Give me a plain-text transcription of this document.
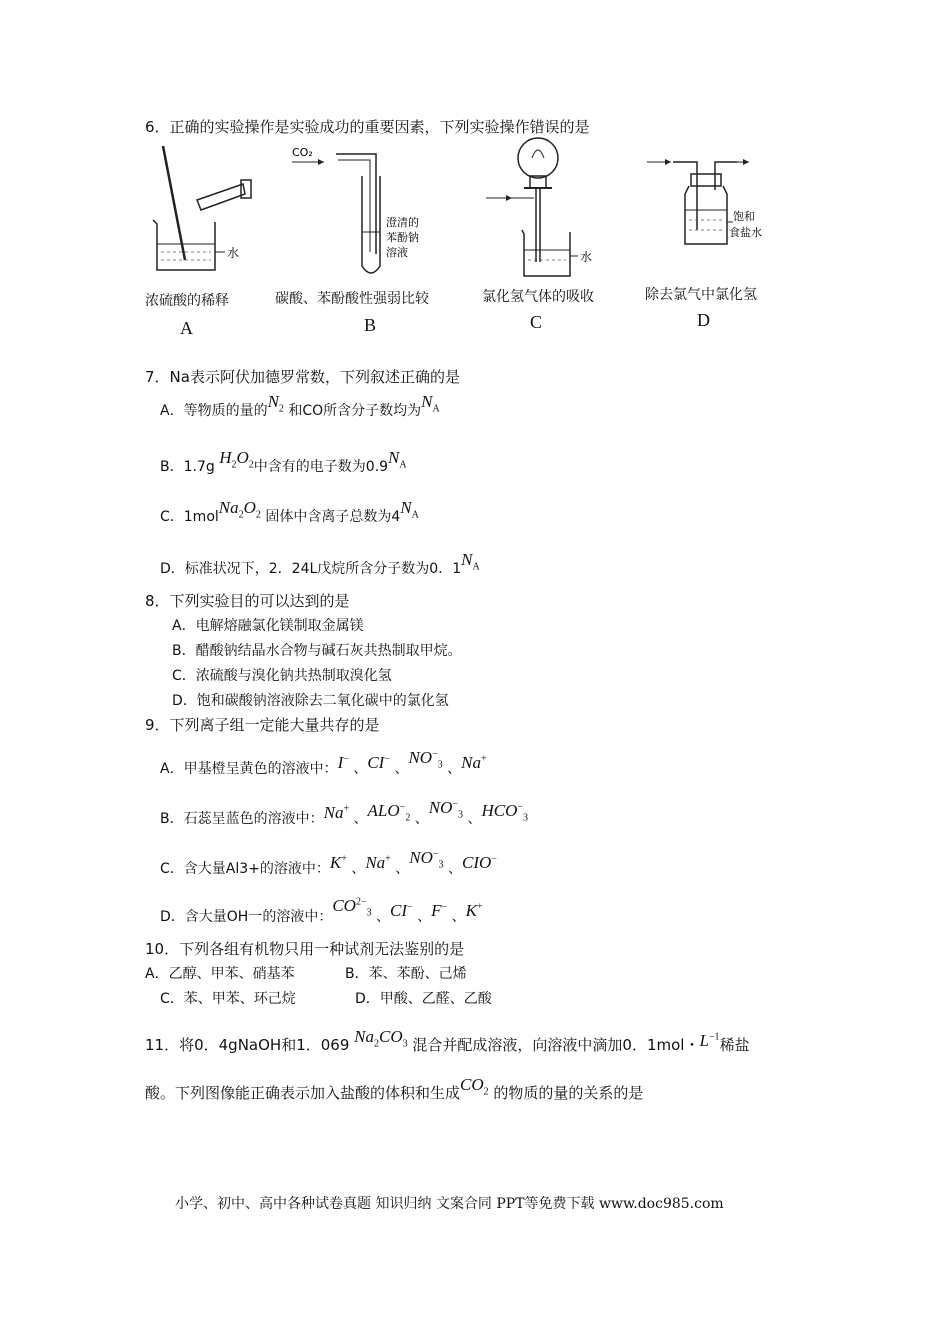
6．正确的实验操作是实验成功的重要因素，下列实验操作错误的是
水
浓硫酸的稀释
A
CO₂
澄清的
苯酚钠
溶液
碳酸、苯酚酸性强弱比较
B
水
氯化氢气体的吸收
C
饱和
食盐水
除去氯气中氯化氢
D
7．Na表示阿伏加德罗常数，下列叙述正确的是
A．等物质的量的$N_2$ 和CO所含分子数均为$N_A$
B．1.7g $H_2O_2$中含有的电子数为$0.9N_A$
C．$1molNa_2O_2$ 固体中含离子总数为$4N_A$
D．标准状况下，2．24L戊烷所含分子数为0．$1N_A$
8．下列实验目的可以达到的是
A．电解熔融氯化镁制取金属镁
B．醋酸钠结晶水合物与碱石灰共热制取甲烷。
C．浓硫酸与溴化钠共热制取溴化氢
D．饱和碳酸钠溶液除去二氧化碳中的氯化氢
9．下列离子组一定能大量共存的是
A．甲基橙呈黄色的溶液中：I− 、CI− 、$NO^-_3$ 、Na+
B．石蕊呈蓝色的溶液中：Na+ 、$ALO^-_2$ 、$NO^-_3$ 、$HCO^-_3$
C．含大量Al3+的溶液中：K+ 、Na+ 、$NO^-_3$ 、CIO−
D．含大量OH一的溶液中：$CO^{2-}_3$ 、CI− 、F− 、K+
10．下列各组有机物只用一种试剂无法鉴别的是
A．乙醇、甲苯、硝基苯	B．苯、苯酚、己烯
C．苯、甲苯、环己烷	D．甲酸、乙醛、乙酸
11．将0．4gNaOH和1．069 $Na_2CO_3$ 混合并配成溶液，向溶液中滴加0．1mol・$L^{-1}$稀盐
酸。下列图像能正确表示加入盐酸的体积和生成$CO_2$ 的物质的量的关系的是
小学、初中、高中各种试卷真题 知识归纳 文案合同 PPT等免费下载 www.doc985.com
